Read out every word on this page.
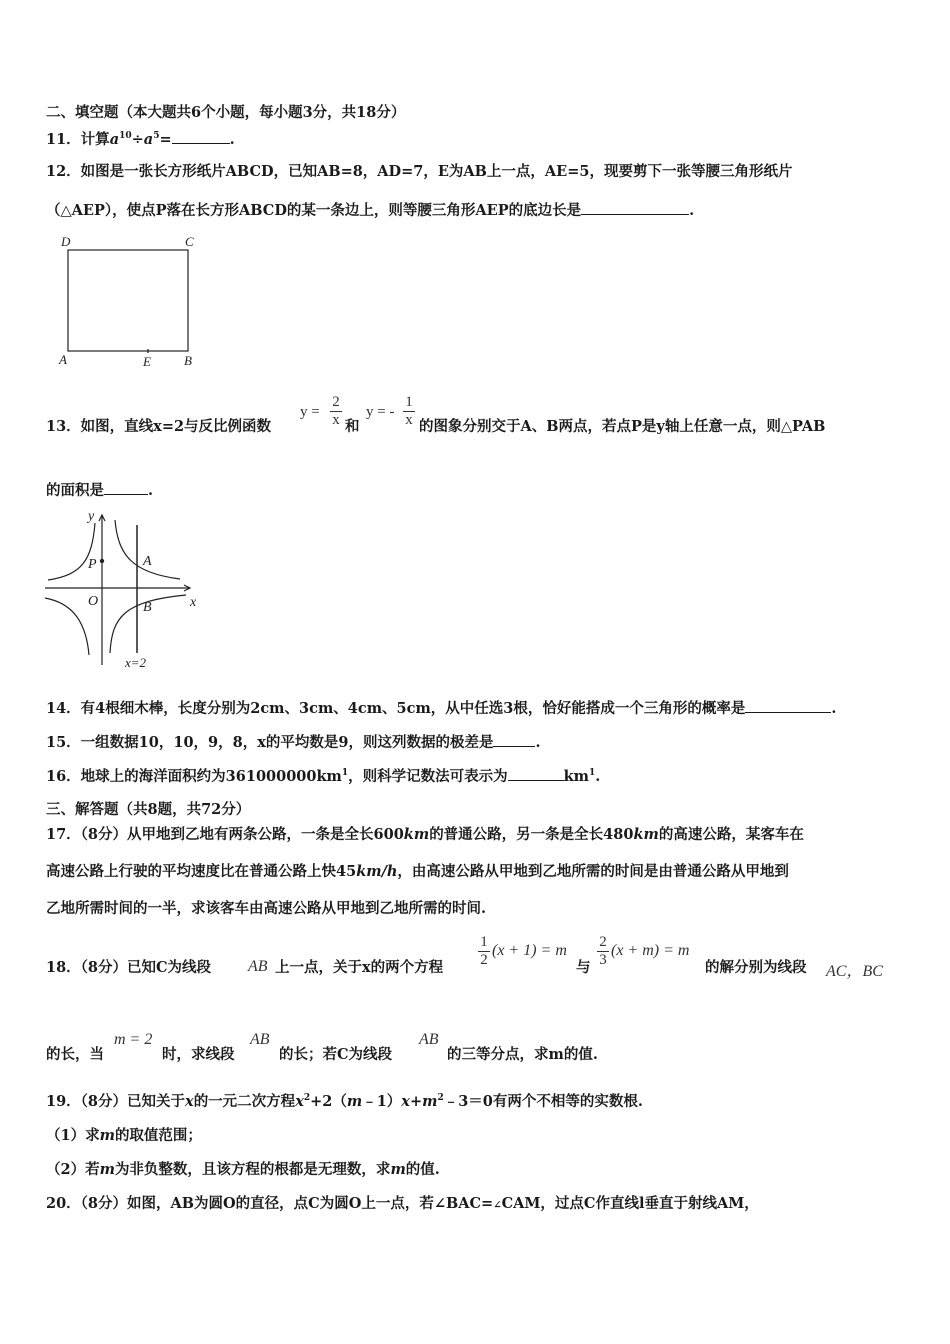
二、填空题（本大题共6个小题，每小题3分，共18分）
11．计算$a^{10}\div a^5=$	.
12．如图是一张长方形纸片ABCD，已知AB=8，AD=7，E为AB上一点，AE=5，现要剪下一张等腰三角形纸片
（△AEP），使点P落在长方形ABCD的某一条边上，则等腰三角形AEP的底边长是	.
D	C
A	E	B
13．如图，直线x=2与反比例函数
y =
2
x 和
y = -
1
x 的图象分别交于A、B两点，若点P是y轴上任意一点，则△PAB
的面积是	.
y
x
O
P	A
B
x=2
14．有4根细木棒，长度分别为2cm、3cm、4cm、5cm，从中任选3根，恰好能搭成一个三角形的概率是	.
15．一组数据10，10，9，8，x的平均数是9，则这列数据的极差是	.
16．地球上的海洋面积约为$361000000km^1$，则科学记数法可表示为	$km^1$.
三、解答题（共8题，共72分）
17．（8分）从甲地到乙地有两条公路，一条是全长600km的普通公路，另一条是全长480km的高速公路，某客车在
高速公路上行驶的平均速度比在普通公路上快45km/h，由高速公路从甲地到乙地所需的时间是由普通公路从甲地到
乙地所需时间的一半，求该客车由高速公路从甲地到乙地所需的时间.
18．（8分）已知C为线段 AB 上一点，关于x的两个方程
1
2
(x + 1) = m
与
2
3
(x + m) = m
的解分别为线段 AC，BC
的长，当
m = 2
时，求线段
AB
的长；若C为线段
AB
的三等分点，求m的值.
19．（8分）已知关于x的一元二次方程$x^2+2(m﹣1)x+m^2﹣3=0$有两个不相等的实数根.
（1）求m的取值范围；
（2）若m为非负整数，且该方程的根都是无理数，求m的值.
20．（8分）如图，AB为圆O的直径，点C为圆O上一点，若∠BAC=∠CAM，过点C作直线l垂直于射线AM，
